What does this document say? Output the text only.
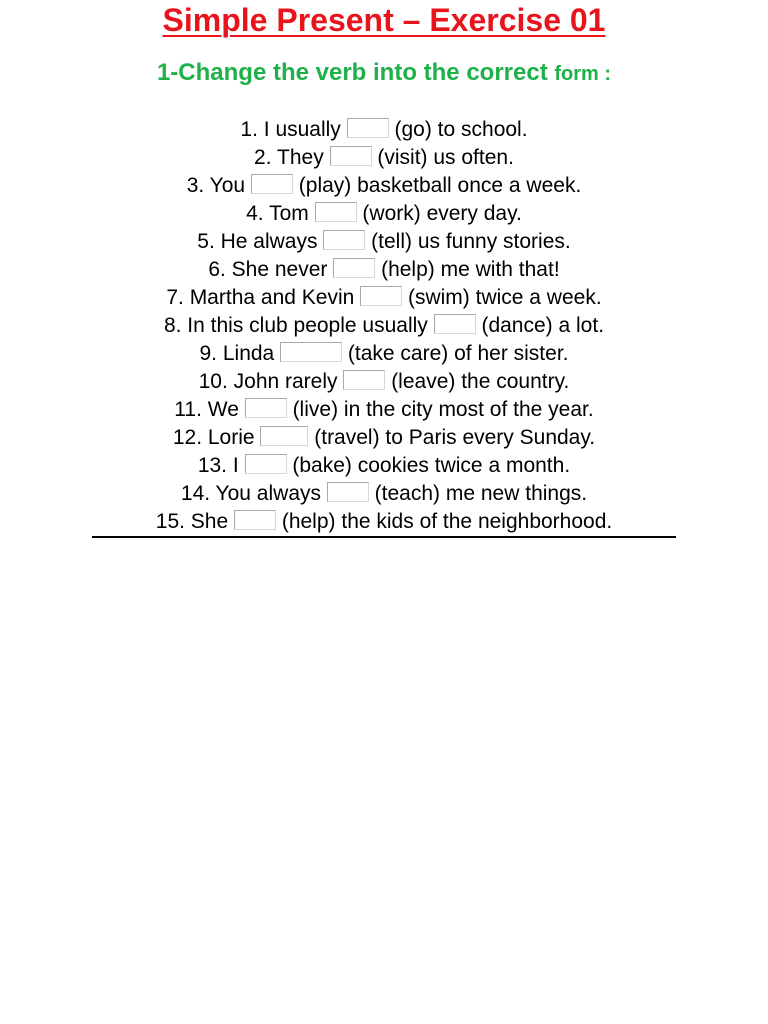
Simple Present – Exercise 01
1-Change the verb into the correct form :
1. I usually  (go) to school.
2. They  (visit) us often.
3. You  (play) basketball once a week.
4. Tom  (work) every day.
5. He always  (tell) us funny stories.
6. She never  (help) me with that!
7. Martha and Kevin  (swim) twice a week.
8. In this club people usually  (dance) a lot.
9. Linda	(take care) of her sister.
10. John rarely  (leave) the country.
11. We  (live) in the city most of the year.
12. Lorie  (travel) to Paris every Sunday.
13. I  (bake) cookies twice a month.
14. You always  (teach) me new things.
15. She  (help) the kids of the neighborhood.
